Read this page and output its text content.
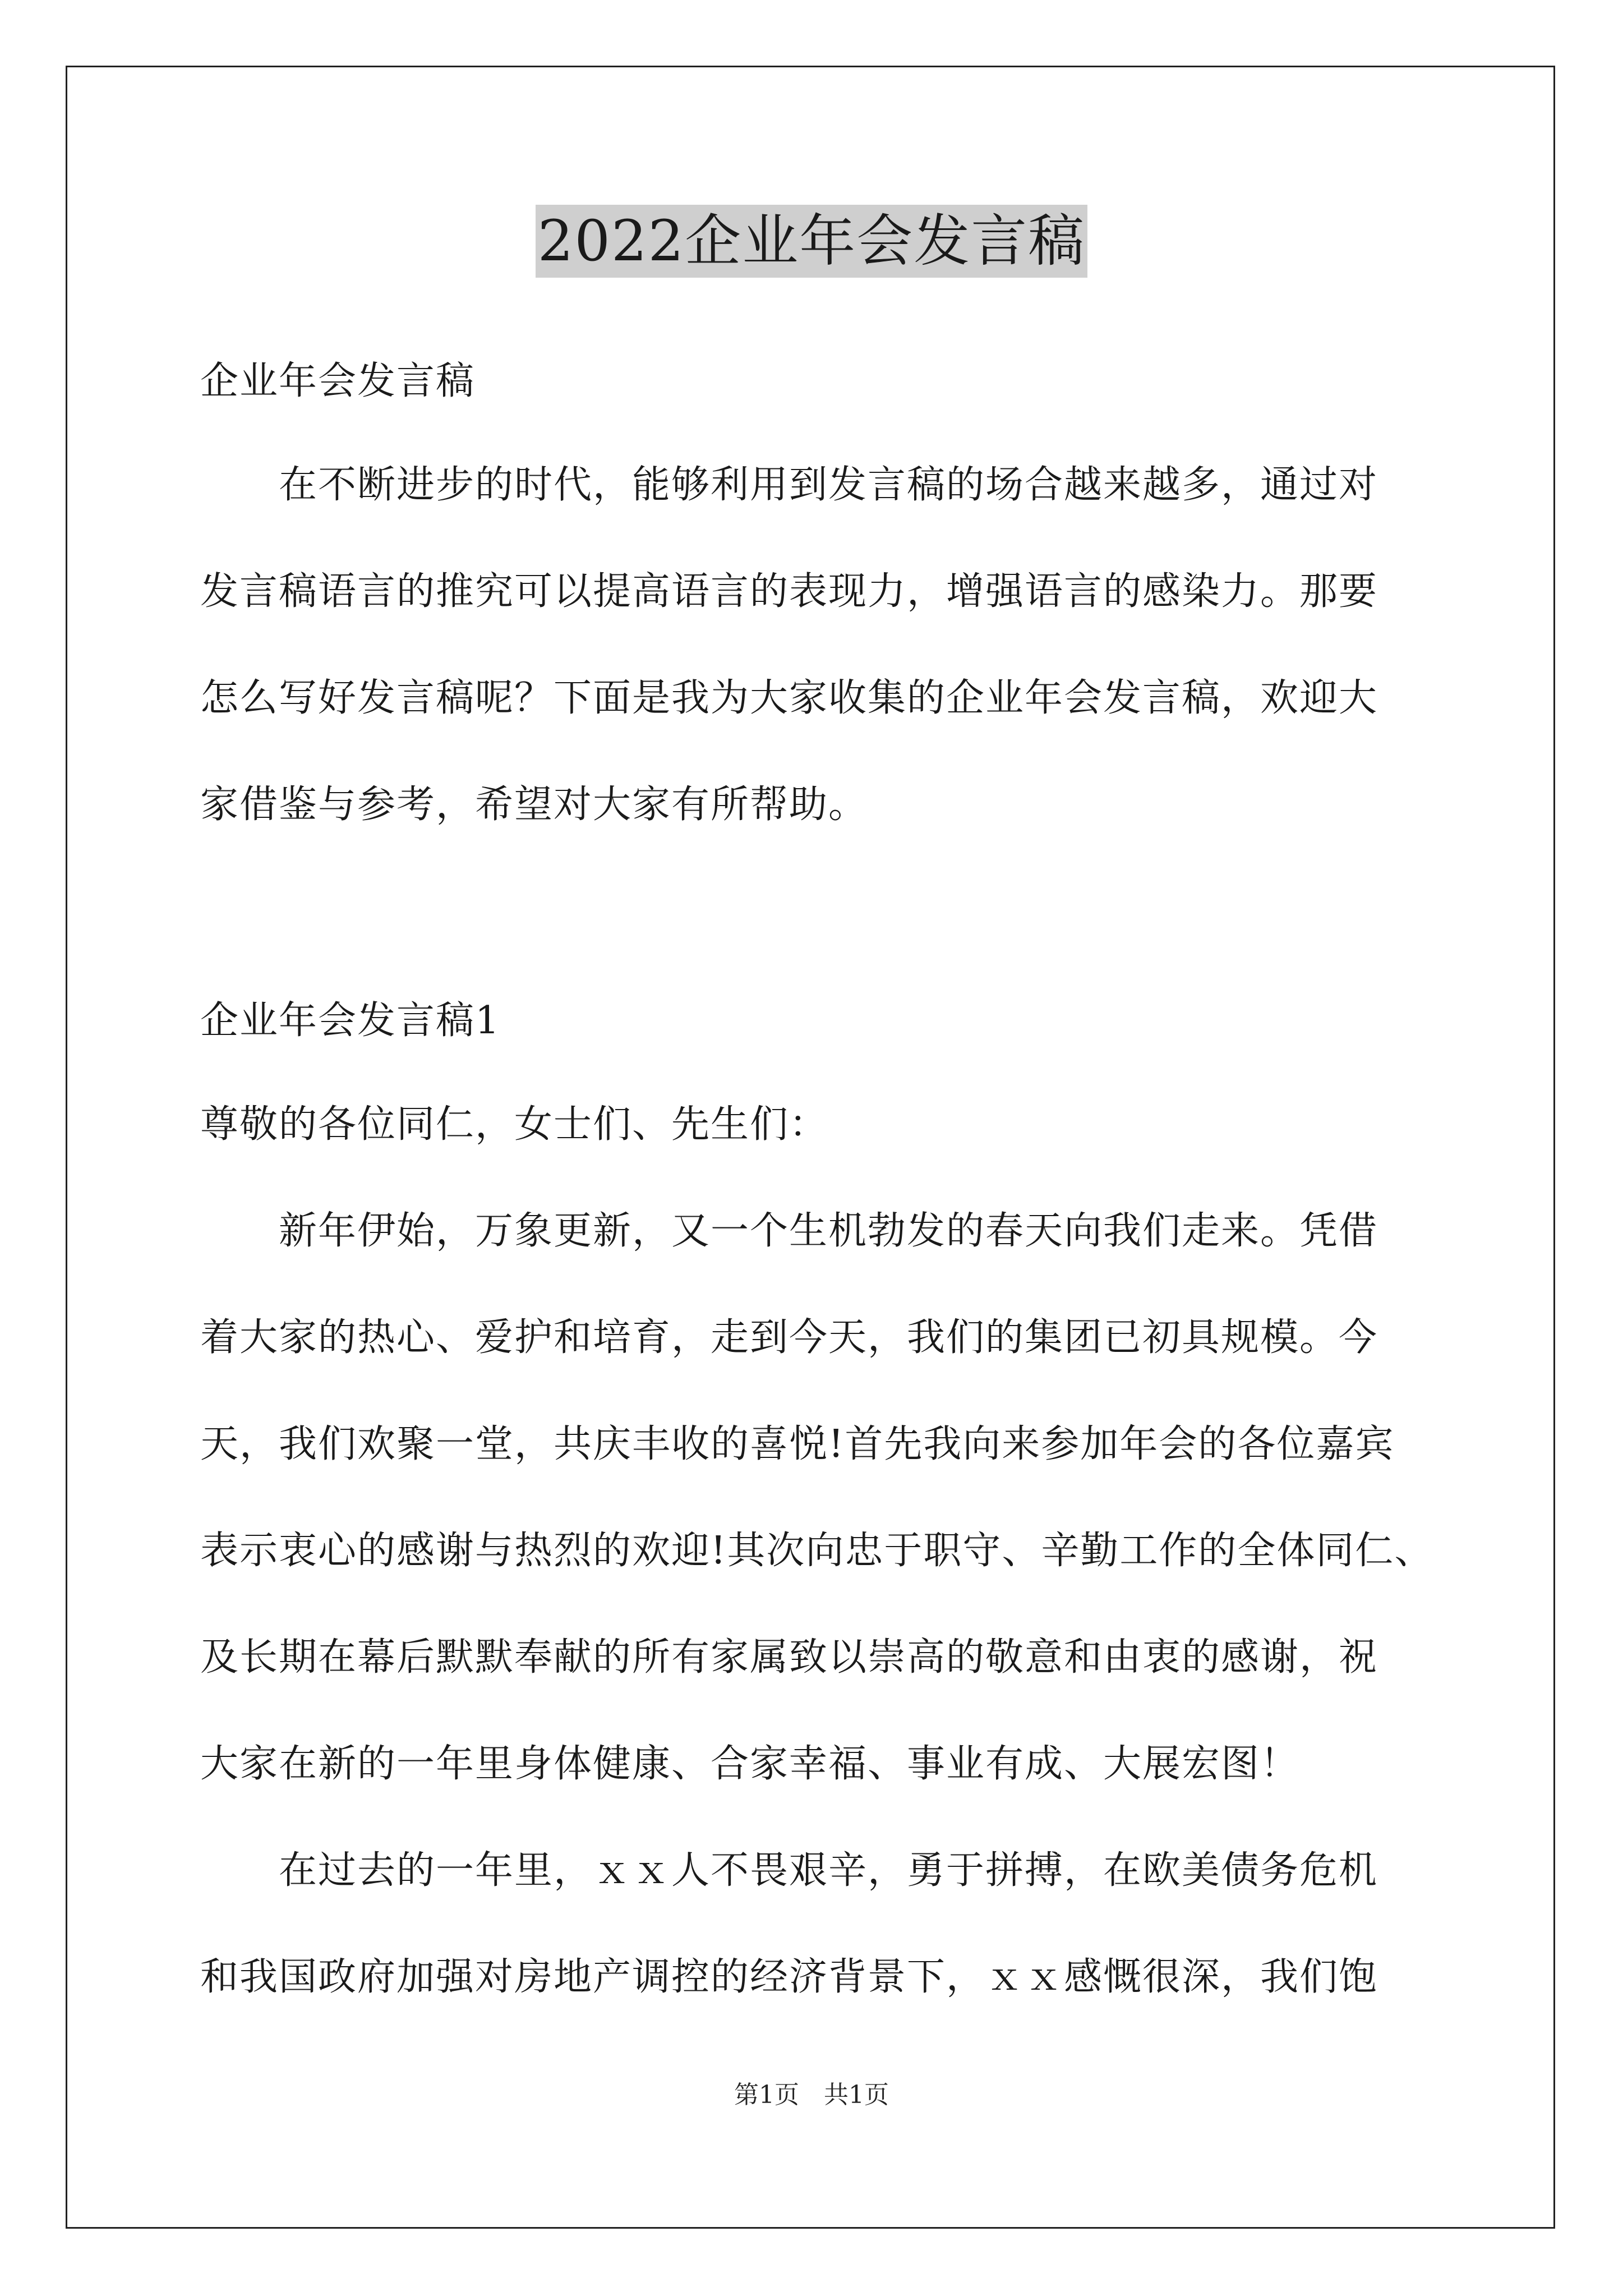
2022企业年会发言稿
企业年会发言稿
　　在不断进步的时代，能够利用到发言稿的场合越来越多，通过对
发言稿语言的推究可以提高语言的表现力，增强语言的感染力。那要
怎么写好发言稿呢？下面是我为大家收集的企业年会发言稿，欢迎大
家借鉴与参考，希望对大家有所帮助。
企业年会发言稿1
尊敬的各位同仁，女士们、先生们：
　　新年伊始，万象更新，又一个生机勃发的春天向我们走来。凭借
着大家的热心、爱护和培育，走到今天，我们的集团已初具规模。今
天，我们欢聚一堂，共庆丰收的喜悦!首先我向来参加年会的各位嘉宾
表示衷心的感谢与热烈的欢迎!其次向忠于职守、辛勤工作的全体同仁、
及长期在幕后默默奉献的所有家属致以崇高的敬意和由衷的感谢，祝
大家在新的一年里身体健康、合家幸福、事业有成、大展宏图！
　　在过去的一年里，ｘｘ人不畏艰辛，勇于拼搏，在欧美债务危机
和我国政府加强对房地产调控的经济背景下，ｘｘ感慨很深，我们饱
第1页　共1页
